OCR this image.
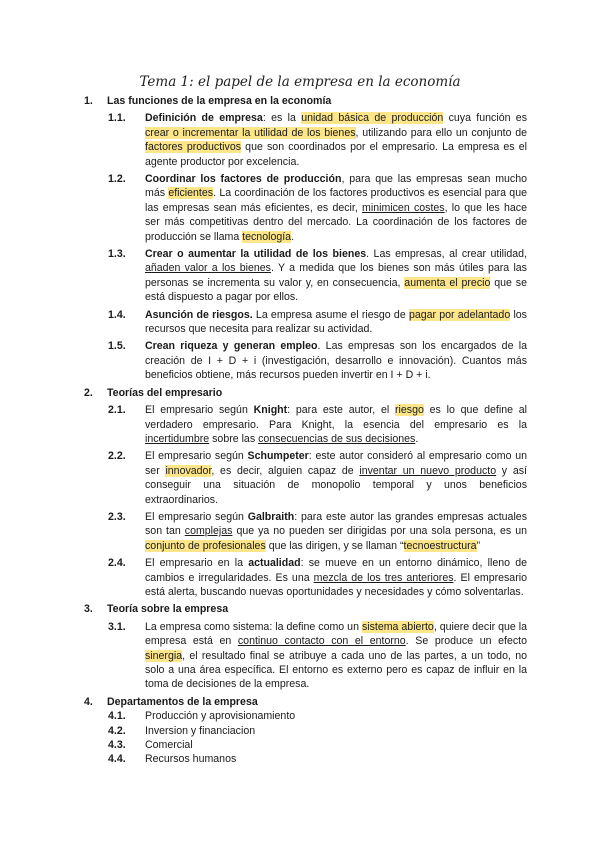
Tema 1: el papel de la empresa en la economía
1. Las funciones de la empresa en la economía
1.1. Definición de empresa: es la unidad básica de producción cuya función es crear o incrementar la utilidad de los bienes, utilizando para ello un conjunto de factores productivos que son coordinados por el empresario. La empresa es el agente productor por excelencia.
1.2. Coordinar los factores de producción, para que las empresas sean mucho más eficientes. La coordinación de los factores productivos es esencial para que las empresas sean más eficientes, es decir, minimicen costes, lo que les hace ser más competitivas dentro del mercado. La coordinación de los factores de producción se llama tecnología.
1.3. Crear o aumentar la utilidad de los bienes. Las empresas, al crear utilidad, añaden valor a los bienes. Y a medida que los bienes son más útiles para las personas se incrementa su valor y, en consecuencia, aumenta el precio que se está dispuesto a pagar por ellos.
1.4. Asunción de riesgos. La empresa asume el riesgo de pagar por adelantado los recursos que necesita para realizar su actividad.
1.5. Crean riqueza y generan empleo. Las empresas son los encargados de la creación de I + D + i (investigación, desarrollo e innovación). Cuantos más beneficios obtiene, más recursos pueden invertir en I + D + i.
2. Teorías del empresario
2.1. El empresario según Knight: para este autor, el riesgo es lo que define al verdadero empresario. Para Knight, la esencia del empresario es la incertidumbre sobre las consecuencias de sus decisiones.
2.2. El empresario según Schumpeter: este autor consideró al empresario como un ser innovador, es decir, alguien capaz de inventar un nuevo producto y así conseguir una situación de monopolio temporal y unos beneficios extraordinarios.
2.3. El empresario según Galbraith: para este autor las grandes empresas actuales son tan complejas que ya no pueden ser dirigidas por una sola persona, es un conjunto de profesionales que las dirigen, y se llaman “tecnoestructura”
2.4. El empresario en la actualidad: se mueve en un entorno dinámico, lleno de cambios e irregularidades. Es una mezcla de los tres anteriores. El empresario está alerta, buscando nuevas oportunidades y necesidades y cómo solventarlas.
3. Teoría sobre la empresa
3.1. La empresa como sistema: la define como un sistema abierto, quiere decir que la empresa está en continuo contacto con el entorno. Se produce un efecto sinergia, el resultado final se atribuye a cada uno de las partes, a un todo, no solo a una área específica. El entorno es externo pero es capaz de influir en la toma de decisiones de la empresa.
4. Departamentos de la empresa
4.1. Producción y aprovisionamiento
4.2. Inversion y financiacion
4.3. Comercial
4.4. Recursos humanos
